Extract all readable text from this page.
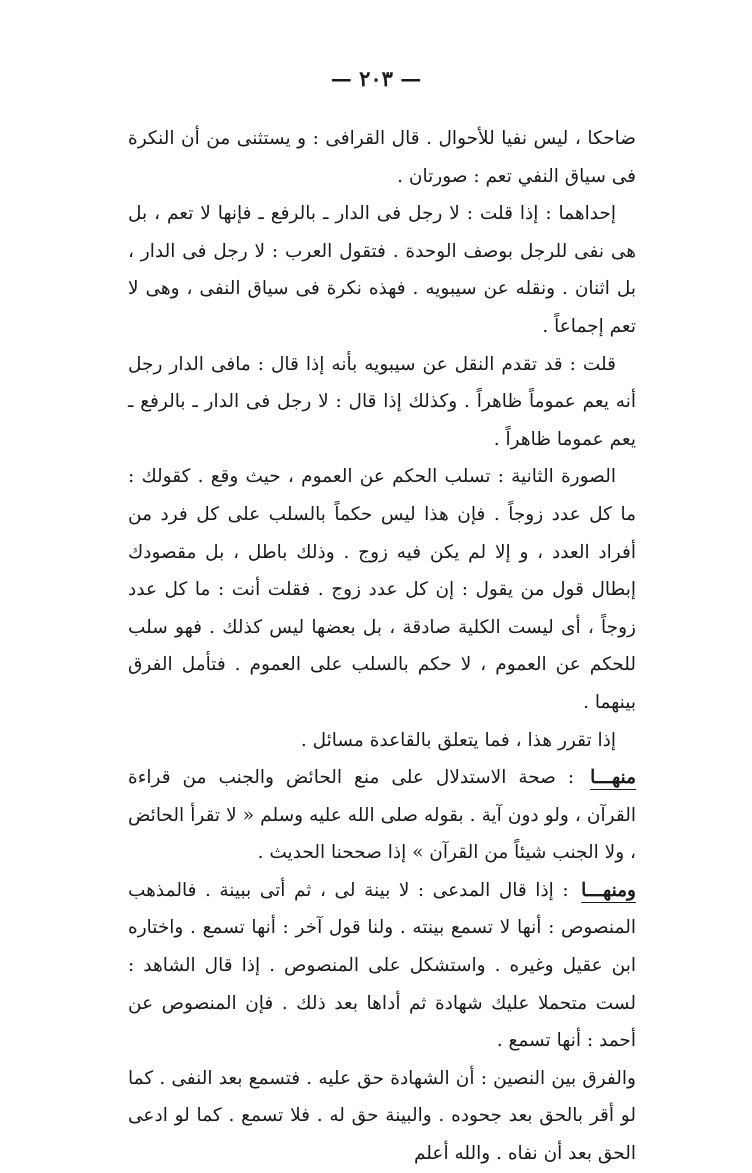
— ٢٠٣ —

ضاحكا ، ليس نفيا للأحوال . قال القرافى : و يستثنى من أن النكرة فى سياق النفي تعم : صورتان .

إحداهما : إذا قلت : لا رجل فى الدار ـ بالرفع ـ فإنها لا تعم ، بل هى نفى للرجل بوصف الوحدة . فتقول العرب : لا رجل فى الدار ، بل اثنان . ونقله عن سيبويه . فهذه نكرة فى سياق النفى ، وهى لا تعم إجماعاً .

قلت : قد تقدم النقل عن سيبويه بأنه إذا قال : مافى الدار رجل أنه يعم عموماً ظاهراً . وكذلك إذا قال : لا رجل فى الدار ـ بالرفع ـ يعم عموما ظاهراً .

الصورة الثانية : تسلب الحكم عن العموم ، حيث وقع . كقولك : ما كل عدد زوجاً . فإن هذا ليس حكماً بالسلب على كل فرد من أفراد العدد ، و إلا لم يكن فيه زوج . وذلك باطل ، بل مقصودك إبطال قول من يقول : إن كل عدد زوج . فقلت أنت : ما كل عدد زوجاً ، أى ليست الكلية صادقة ، بل بعضها ليس كذلك . فهو سلب للحكم عن العموم ، لا حكم بالسلب على العموم . فتأمل الفرق بينهما .

إذا تقرر هذا ، فما يتعلق بالقاعدة مسائل .

منهـــا : صحة الاستدلال على منع الحائض والجنب من قراءة القرآن ، ولو دون آية . بقوله صلى الله عليه وسلم « لا تقرأ الحائض ، ولا الجنب شيئاً من القرآن » إذا صححنا الحديث .

ومنهـــا : إذا قال المدعى : لا بينة لى ، ثم أتى ببينة . فالمذهب المنصوص : أنها لا تسمع بينته . ولنا قول آخر : أنها تسمع . واختاره ابن عقيل وغيره . واستشكل على المنصوص . إذا قال الشاهد : لست متحملا عليك شهادة ثم أداها بعد ذلك . فإن المنصوص عن أحمد : أنها تسمع .

والفرق بين النصين : أن الشهادة حق عليه . فتسمع بعد النفى . كما لو أقر بالحق بعد جحوده . والبينة حق له . فلا تسمع . كما لو ادعى الحق بعد أن نفاه . والله أعلم
